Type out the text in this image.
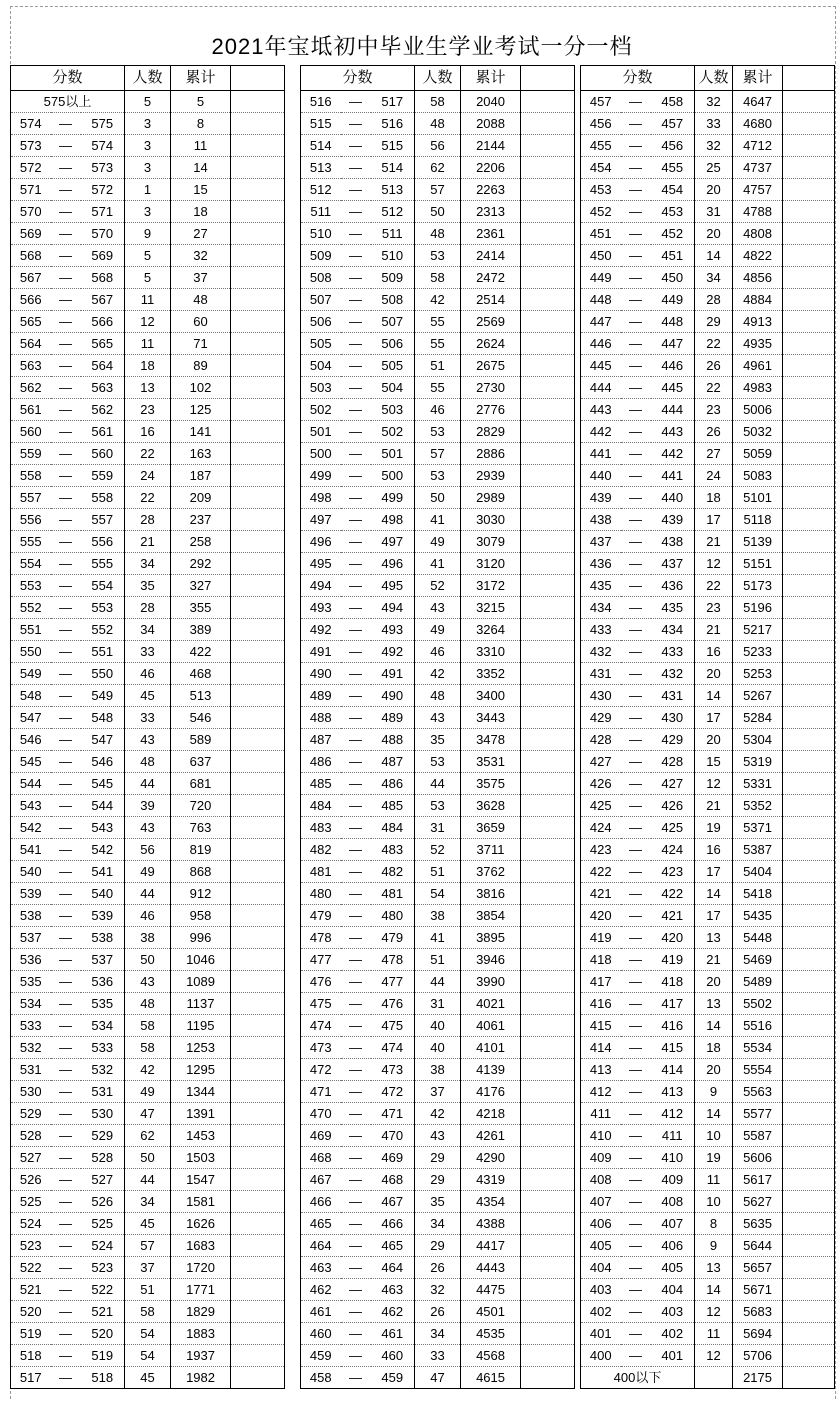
2021年宝坻初中毕业生学业考试一分一档
分数			人数	累计	
575以上			5	5	
574	—	575	3	8	
573	—	574	3	11	
572	—	573	3	14	
571	—	572	1	15	
570	—	571	3	18	
569	—	570	9	27	
568	—	569	5	32	
567	—	568	5	37	
566	—	567	11	48	
565	—	566	12	60	
564	—	565	11	71	
563	—	564	18	89	
562	—	563	13	102	
561	—	562	23	125	
560	—	561	16	141	
559	—	560	22	163	
558	—	559	24	187	
557	—	558	22	209	
556	—	557	28	237	
555	—	556	21	258	
554	—	555	34	292	
553	—	554	35	327	
552	—	553	28	355	
551	—	552	34	389	
550	—	551	33	422	
549	—	550	46	468	
548	—	549	45	513	
547	—	548	33	546	
546	—	547	43	589	
545	—	546	48	637	
544	—	545	44	681	
543	—	544	39	720	
542	—	543	43	763	
541	—	542	56	819	
540	—	541	49	868	
539	—	540	44	912	
538	—	539	46	958	
537	—	538	38	996	
536	—	537	50	1046	
535	—	536	43	1089	
534	—	535	48	1137	
533	—	534	58	1195	
532	—	533	58	1253	
531	—	532	42	1295	
530	—	531	49	1344	
529	—	530	47	1391	
528	—	529	62	1453	
527	—	528	50	1503	
526	—	527	44	1547	
525	—	526	34	1581	
524	—	525	45	1626	
523	—	524	57	1683	
522	—	523	37	1720	
521	—	522	51	1771	
520	—	521	58	1829	
519	—	520	54	1883	
518	—	519	54	1937	
517	—	518	45	1982	
分数			人数	累计	
516	—	517	58	2040	
515	—	516	48	2088	
514	—	515	56	2144	
513	—	514	62	2206	
512	—	513	57	2263	
511	—	512	50	2313	
510	—	511	48	2361	
509	—	510	53	2414	
508	—	509	58	2472	
507	—	508	42	2514	
506	—	507	55	2569	
505	—	506	55	2624	
504	—	505	51	2675	
503	—	504	55	2730	
502	—	503	46	2776	
501	—	502	53	2829	
500	—	501	57	2886	
499	—	500	53	2939	
498	—	499	50	2989	
497	—	498	41	3030	
496	—	497	49	3079	
495	—	496	41	3120	
494	—	495	52	3172	
493	—	494	43	3215	
492	—	493	49	3264	
491	—	492	46	3310	
490	—	491	42	3352	
489	—	490	48	3400	
488	—	489	43	3443	
487	—	488	35	3478	
486	—	487	53	3531	
485	—	486	44	3575	
484	—	485	53	3628	
483	—	484	31	3659	
482	—	483	52	3711	
481	—	482	51	3762	
480	—	481	54	3816	
479	—	480	38	3854	
478	—	479	41	3895	
477	—	478	51	3946	
476	—	477	44	3990	
475	—	476	31	4021	
474	—	475	40	4061	
473	—	474	40	4101	
472	—	473	38	4139	
471	—	472	37	4176	
470	—	471	42	4218	
469	—	470	43	4261	
468	—	469	29	4290	
467	—	468	29	4319	
466	—	467	35	4354	
465	—	466	34	4388	
464	—	465	29	4417	
463	—	464	26	4443	
462	—	463	32	4475	
461	—	462	26	4501	
460	—	461	34	4535	
459	—	460	33	4568	
458	—	459	47	4615	
分数			人数	累计	
457	—	458	32	4647	
456	—	457	33	4680	
455	—	456	32	4712	
454	—	455	25	4737	
453	—	454	20	4757	
452	—	453	31	4788	
451	—	452	20	4808	
450	—	451	14	4822	
449	—	450	34	4856	
448	—	449	28	4884	
447	—	448	29	4913	
446	—	447	22	4935	
445	—	446	26	4961	
444	—	445	22	4983	
443	—	444	23	5006	
442	—	443	26	5032	
441	—	442	27	5059	
440	—	441	24	5083	
439	—	440	18	5101	
438	—	439	17	5118	
437	—	438	21	5139	
436	—	437	12	5151	
435	—	436	22	5173	
434	—	435	23	5196	
433	—	434	21	5217	
432	—	433	16	5233	
431	—	432	20	5253	
430	—	431	14	5267	
429	—	430	17	5284	
428	—	429	20	5304	
427	—	428	15	5319	
426	—	427	12	5331	
425	—	426	21	5352	
424	—	425	19	5371	
423	—	424	16	5387	
422	—	423	17	5404	
421	—	422	14	5418	
420	—	421	17	5435	
419	—	420	13	5448	
418	—	419	21	5469	
417	—	418	20	5489	
416	—	417	13	5502	
415	—	416	14	5516	
414	—	415	18	5534	
413	—	414	20	5554	
412	—	413	9	5563	
411	—	412	14	5577	
410	—	411	10	5587	
409	—	410	19	5606	
408	—	409	11	5617	
407	—	408	10	5627	
406	—	407	8	5635	
405	—	406	9	5644	
404	—	405	13	5657	
403	—	404	14	5671	
402	—	403	12	5683	
401	—	402	11	5694	
400	—	401	12	5706	
400以下				2175	
